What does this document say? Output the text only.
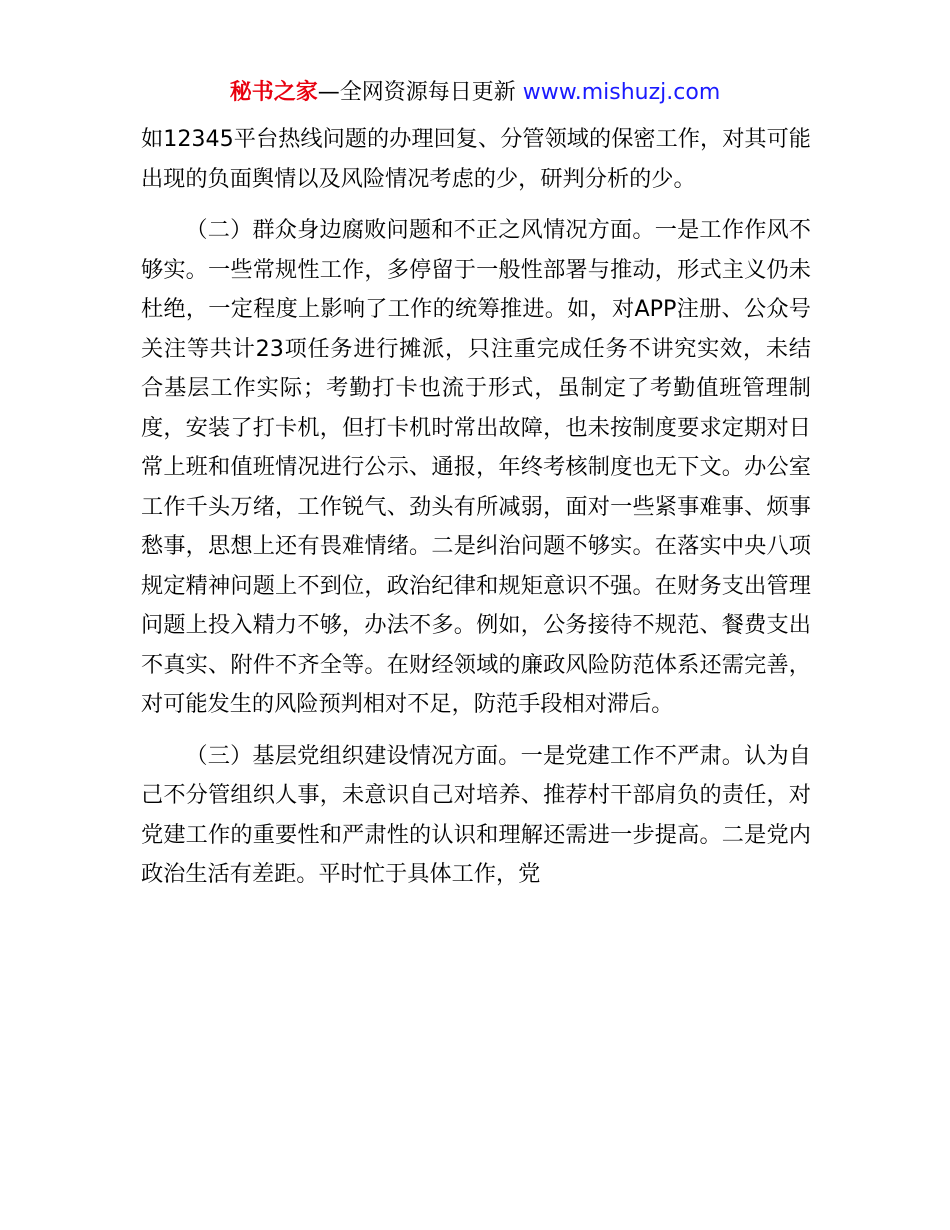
秘书之家—全网资源每日更新 www.mishuzj.com

如12345平台热线问题的办理回复、分管领域的保密工作，对其可能出现的负面舆情以及风险情况考虑的少，研判分析的少。

（二）群众身边腐败问题和不正之风情况方面。一是工作作风不够实。一些常规性工作，多停留于一般性部署与推动，形式主义仍未杜绝，一定程度上影响了工作的统筹推进。如，对APP注册、公众号关注等共计23项任务进行摊派，只注重完成任务不讲究实效，未结合基层工作实际；考勤打卡也流于形式，虽制定了考勤值班管理制度，安装了打卡机，但打卡机时常出故障，也未按制度要求定期对日常上班和值班情况进行公示、通报，年终考核制度也无下文。办公室工作千头万绪，工作锐气、劲头有所减弱，面对一些紧事难事、烦事愁事，思想上还有畏难情绪。二是纠治问题不够实。在落实中央八项规定精神问题上不到位，政治纪律和规矩意识不强。在财务支出管理问题上投入精力不够，办法不多。例如，公务接待不规范、餐费支出不真实、附件不齐全等。在财经领域的廉政风险防范体系还需完善，对可能发生的风险预判相对不足，防范手段相对滞后。

（三）基层党组织建设情况方面。一是党建工作不严肃。认为自己不分管组织人事，未意识自己对培养、推荐村干部肩负的责任，对党建工作的重要性和严肃性的认识和理解还需进一步提高。二是党内政治生活有差距。平时忙于具体工作，党
